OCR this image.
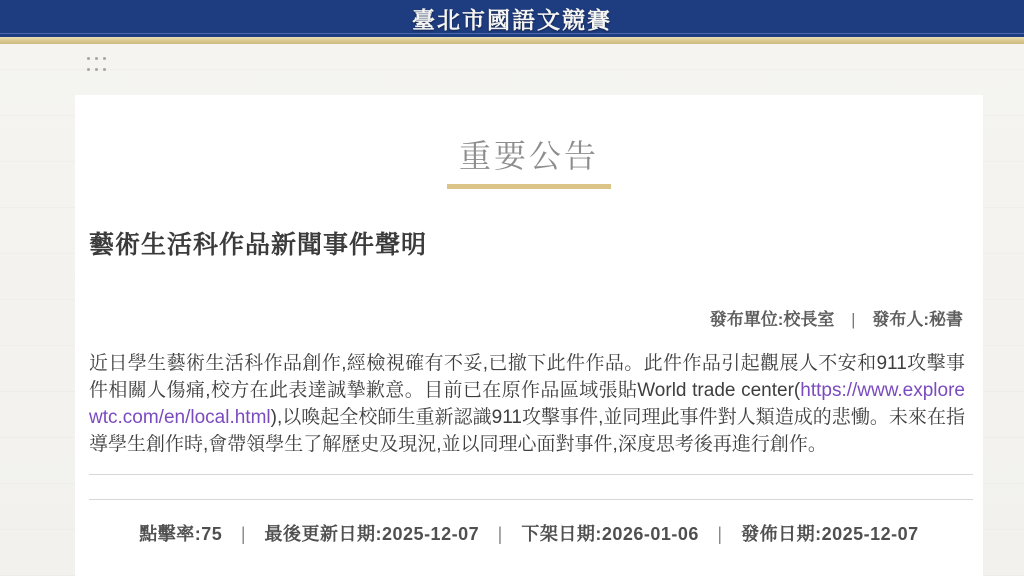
臺北市國語文競賽
重要公告
藝術生活科作品新聞事件聲明
發布單位:校長室 | 發布人:秘書

近日學生藝術生活科作品創作,經檢視確有不妥,已撤下此件作品。此件作品引起觀展人不安和911攻擊事件相關人傷痛,校方在此表達誠摯歉意。目前已在原作品區域張貼World trade center(https://www.explorewtc.com/en/local.html),以喚起全校師生重新認識911攻擊事件,並同理此事件對人類造成的悲慟。未來在指導學生創作時,會帶領學生了解歷史及現況,並以同理心面對事件,深度思考後再進行創作。

點擊率:75 | 最後更新日期:2025-12-07 | 下架日期:2026-01-06 | 發佈日期:2025-12-07
